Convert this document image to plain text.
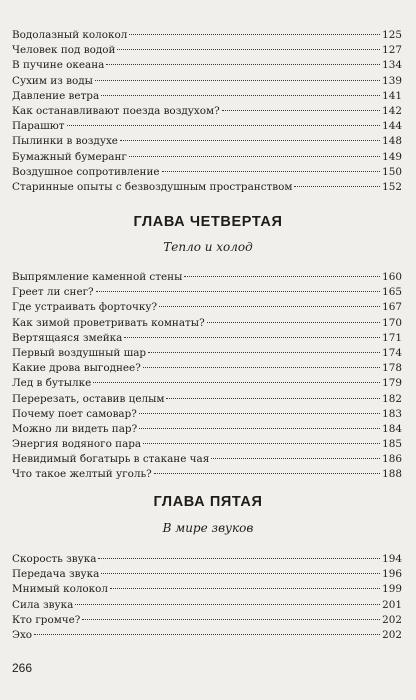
Водолазный колокол	125
Человек под водой	127
В пучине океана	134
Сухим из воды	139
Давление ветра	141
Как останавливают поезда воздухом?	142
Парашют	144
Пылинки в воздухе	148
Бумажный бумеранг	149
Воздушное сопротивление	150
Старинные опыты с безвоздушным пространством	152
ГЛАВА ЧЕТВЕРТАЯ
Тепло и холод
Выпрямление каменной стены	160
Греет ли снег?	165
Где устраивать форточку?	167
Как зимой проветривать комнаты?	170
Вертящаяся змейка	171
Первый воздушный шар	174
Какие дрова выгоднее?	178
Лед в бутылке	179
Перерезать, оставив целым	182
Почему поет самовар?	183
Можно ли видеть пар?	184
Энергия водяного пара	185
Невидимый богатырь в стакане чая	186
Что такое желтый уголь?	188
ГЛАВА ПЯТАЯ
В мире звуков
Скорость звука	194
Передача звука	196
Мнимый колокол	199
Сила звука	201
Кто громче?	202
Эхо	202
266
